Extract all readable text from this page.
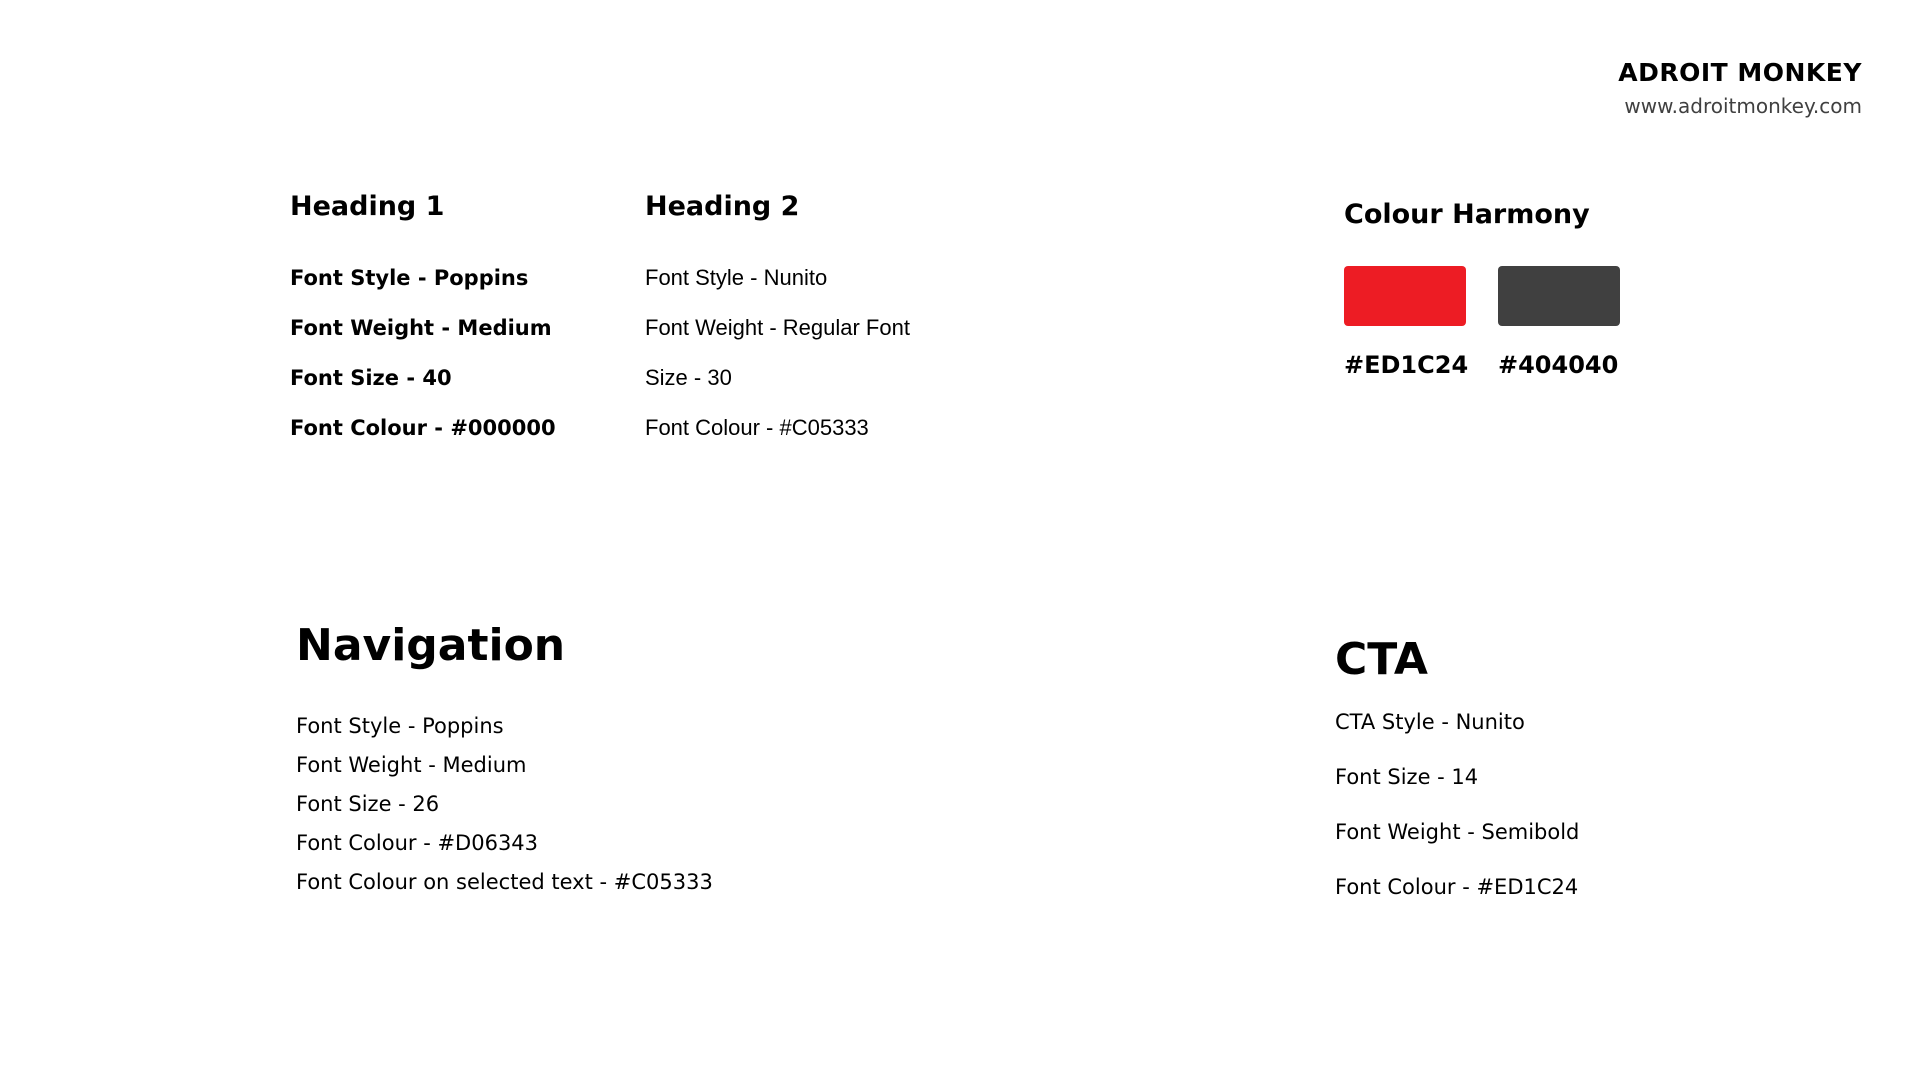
ADROIT MONKEY
www.adroitmonkey.com
Heading 1
Font Style - Poppins
Font Weight - Medium
Font Size - 40
Font Colour - #000000
Heading 2
Font Style - Nunito
Font Weight - Regular Font
Size - 30
Font Colour - #C05333
Colour Harmony
#ED1C24 #404040
Navigation
Font Style - Poppins
Font Weight - Medium
Font Size - 26
Font Colour - #D06343
Font Colour on selected text - #C05333
CTA
CTA Style - Nunito
Font Size - 14
Font Weight - Semibold
Font Colour - #ED1C24
